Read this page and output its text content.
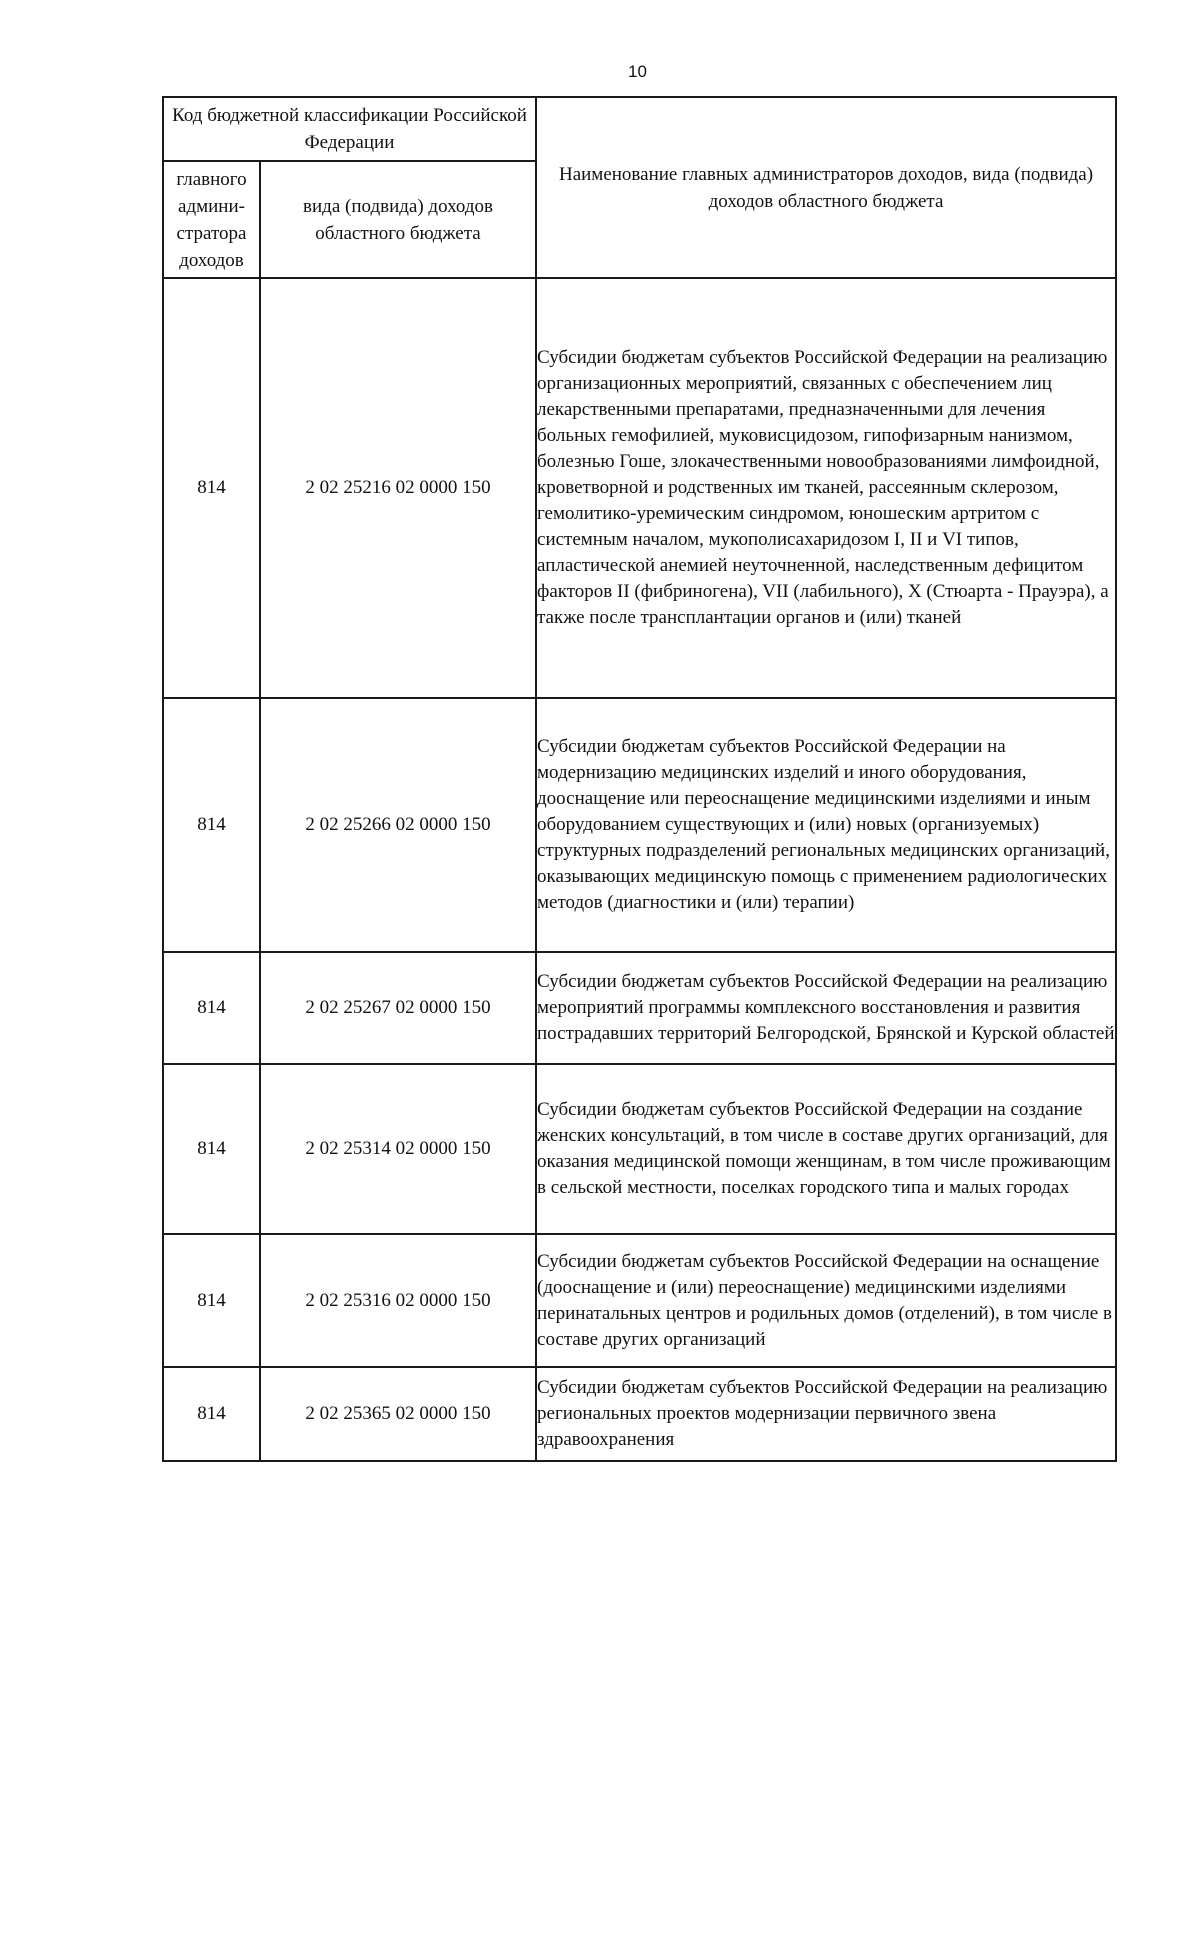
10
Код бюджетной классификации Российской Федерации		Наименование главных администраторов доходов, вида (подвида) доходов областного бюджета
главного админи-стратора доходов	вида (подвида) доходов областного бюджета	
814	2 02 25216 02 0000 150	Субсидии бюджетам субъектов Российской Федерации на реализацию организационных мероприятий, связанных с обеспечением лиц лекарственными препаратами, предназначенными для лечения больных гемофилией, муковисцидозом, гипофизарным нанизмом, болезнью Гоше, злокачественными новообразованиями лимфоидной, кроветворной и родственных им тканей, рассеянным склерозом, гемолитико-уремическим синдромом, юношеским артритом с системным началом, мукополисахаридозом I, II и VI типов, апластической анемией неуточненной, наследственным дефицитом факторов II (фибриногена), VII (лабильного), X (Стюарта - Прауэра), а также после трансплантации органов и (или) тканей
814	2 02 25266 02 0000 150	Субсидии бюджетам субъектов Российской Федерации на модернизацию медицинских изделий и иного оборудования, дооснащение или переоснащение медицинскими изделиями и иным оборудованием существующих и (или) новых (организуемых) структурных подразделений региональных медицинских организаций, оказывающих медицинскую помощь с применением радиологических методов (диагностики и (или) терапии)
814	2 02 25267 02 0000 150	Субсидии бюджетам субъектов Российской Федерации на реализацию мероприятий программы комплексного восстановления и развития пострадавших территорий Белгородской, Брянской и Курской областей
814	2 02 25314 02 0000 150	Субсидии бюджетам субъектов Российской Федерации на создание женских консультаций, в том числе в составе других организаций, для оказания медицинской помощи женщинам, в том числе проживающим в сельской местности, поселках городского типа и малых городах
814	2 02 25316 02 0000 150	Субсидии бюджетам субъектов Российской Федерации на оснащение (дооснащение и (или) переоснащение) медицинскими изделиями перинатальных центров и родильных домов (отделений), в том числе в составе других организаций
814	2 02 25365 02 0000 150	Субсидии бюджетам субъектов Российской Федерации на реализацию региональных проектов модернизации первичного звена здравоохранения
